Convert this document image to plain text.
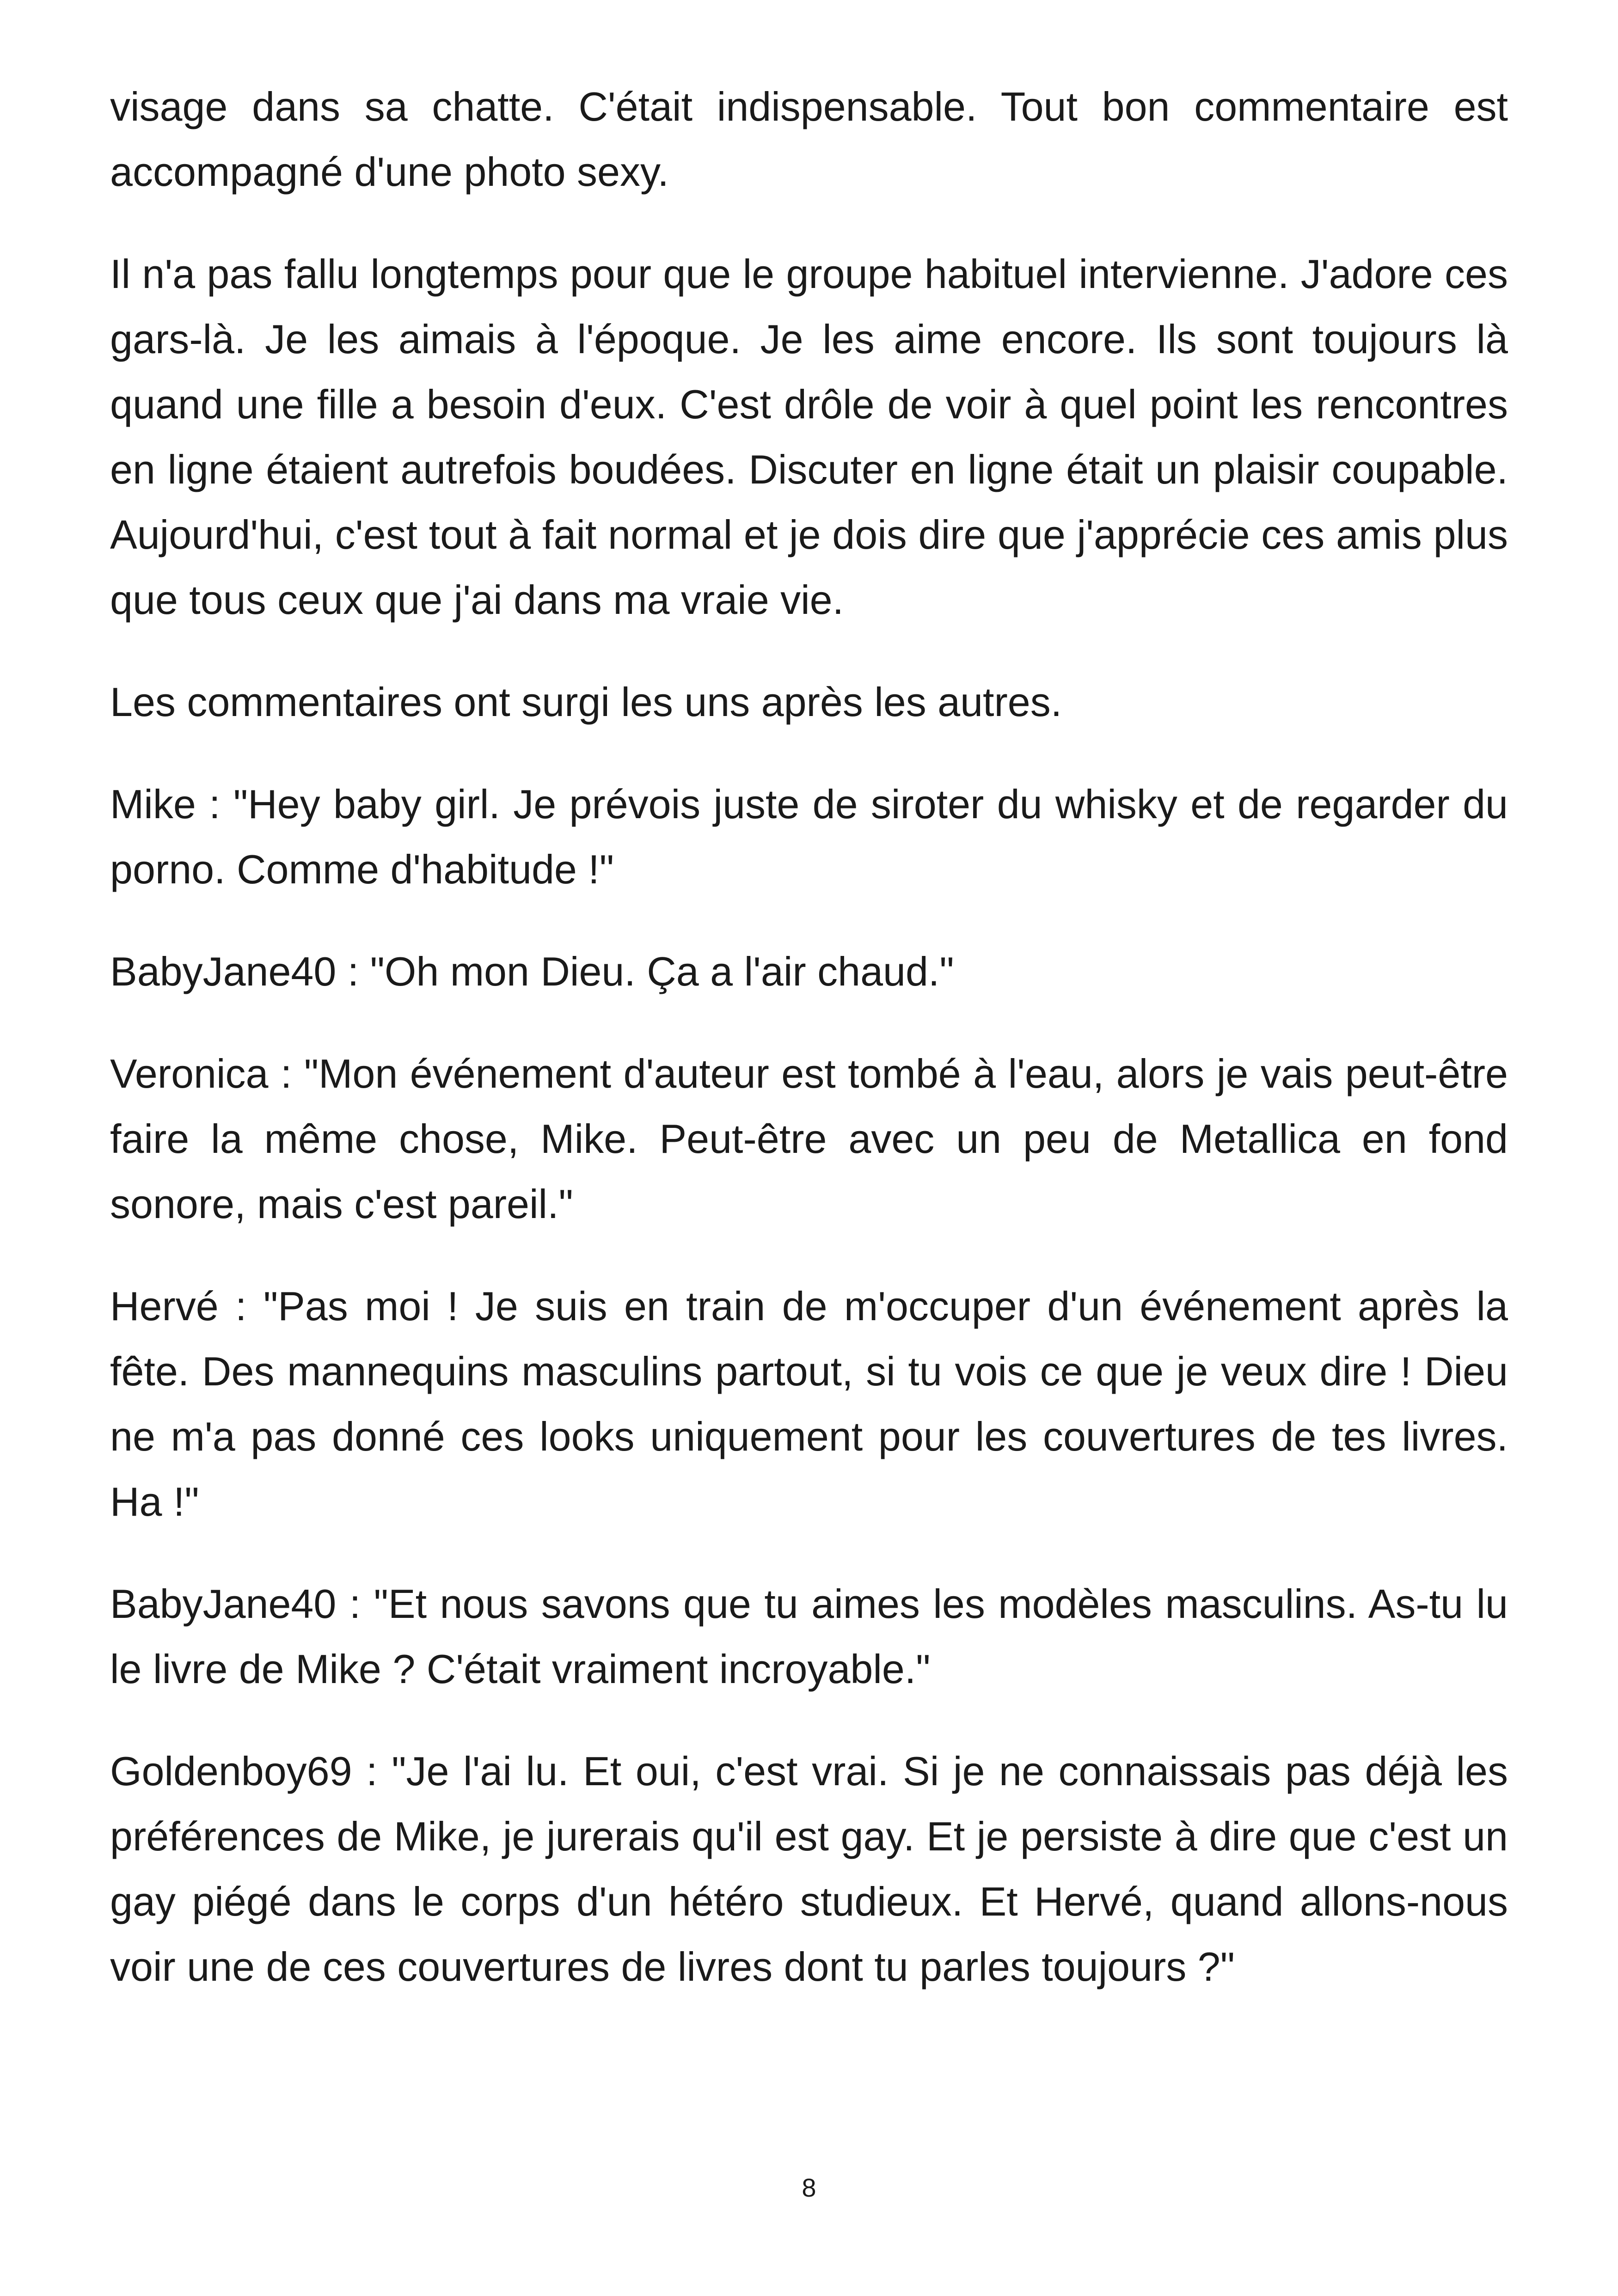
visage dans sa chatte. C'était indispensable. Tout bon commentaire est accompagné d'une photo sexy.

Il n'a pas fallu longtemps pour que le groupe habituel intervienne. J'adore ces gars-là. Je les aimais à l'époque. Je les aime encore. Ils sont toujours là quand une fille a besoin d'eux. C'est drôle de voir à quel point les rencontres en ligne étaient autrefois boudées. Discuter en ligne était un plaisir coupable. Aujourd'hui, c'est tout à fait normal et je dois dire que j'apprécie ces amis plus que tous ceux que j'ai dans ma vraie vie.

Les commentaires ont surgi les uns après les autres.

Mike : "Hey baby girl. Je prévois juste de siroter du whisky et de regarder du porno. Comme d'habitude !"

BabyJane40 : "Oh mon Dieu. Ça a l'air chaud."

Veronica : "Mon événement d'auteur est tombé à l'eau, alors je vais peut-être faire la même chose, Mike. Peut-être avec un peu de Metallica en fond sonore, mais c'est pareil."

Hervé : "Pas moi ! Je suis en train de m'occuper d'un événement après la fête. Des mannequins masculins partout, si tu vois ce que je veux dire ! Dieu ne m'a pas donné ces looks uniquement pour les couvertures de tes livres. Ha !"

BabyJane40 : "Et nous savons que tu aimes les modèles masculins. As-tu lu le livre de Mike ? C'était vraiment incroyable."

Goldenboy69 : "Je l'ai lu. Et oui, c'est vrai. Si je ne connaissais pas déjà les préférences de Mike, je jurerais qu'il est gay. Et je persiste à dire que c'est un gay piégé dans le corps d'un hétéro studieux. Et Hervé, quand allons-nous voir une de ces couvertures de livres dont tu parles toujours ?"

8
